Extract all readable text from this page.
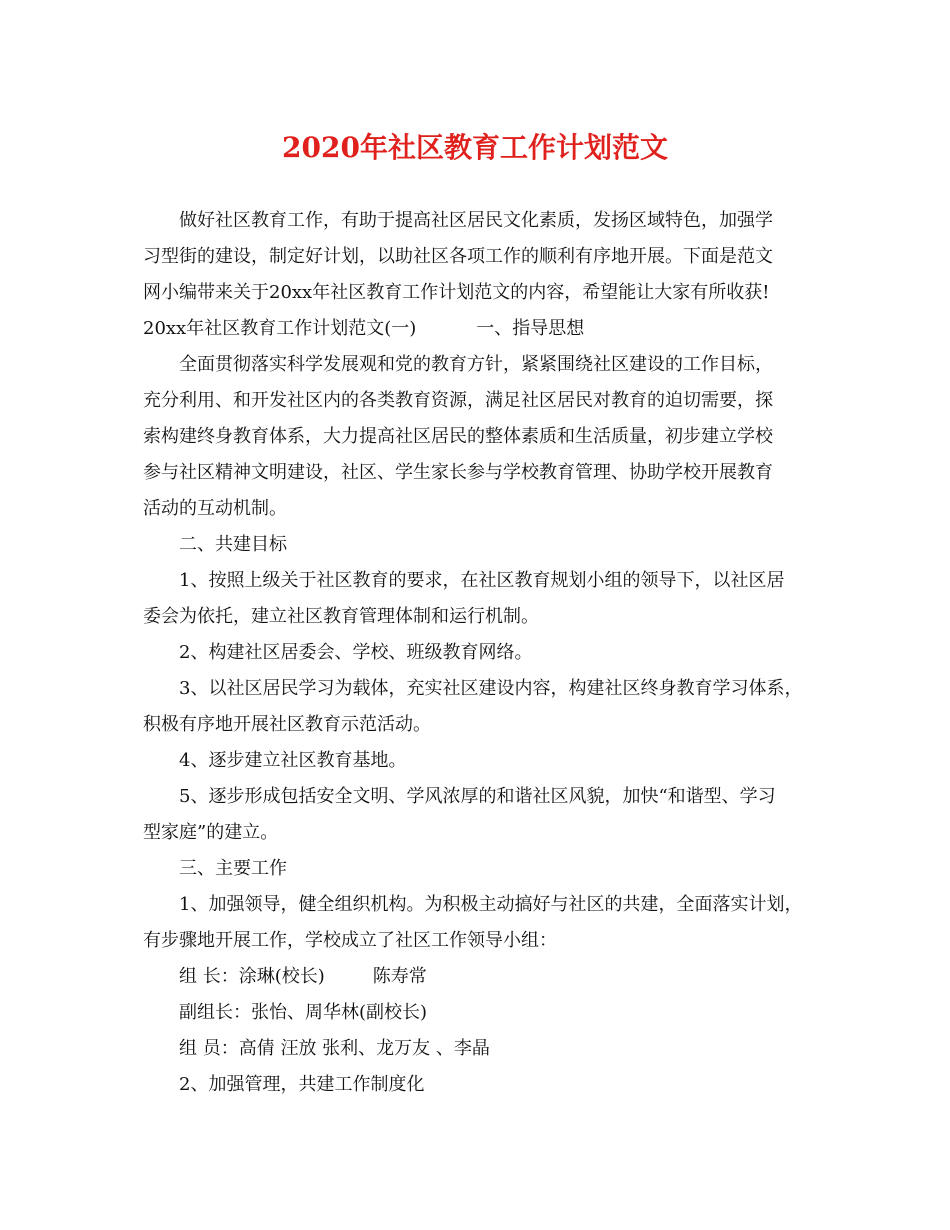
2020年社区教育工作计划范文

做好社区教育工作，有助于提高社区居民文化素质，发扬区域特色，加强学

习型街的建设，制定好计划，以助社区各项工作的顺利有序地开展。下面是范文

网小编带来关于20xx年社区教育工作计划范文的内容，希望能让大家有所收获!

20xx年社区教育工作计划范文(一)	一、指导思想

全面贯彻落实科学发展观和党的教育方针，紧紧围绕社区建设的工作目标，

充分利用、和开发社区内的各类教育资源，满足社区居民对教育的迫切需要，探

索构建终身教育体系，大力提高社区居民的整体素质和生活质量，初步建立学校

参与社区精神文明建设，社区、学生家长参与学校教育管理、协助学校开展教育

活动的互动机制。

二、共建目标

1、按照上级关于社区教育的要求，在社区教育规划小组的领导下，以社区居

委会为依托，建立社区教育管理体制和运行机制。

2、构建社区居委会、学校、班级教育网络。

3、以社区居民学习为载体，充实社区建设内容，构建社区终身教育学习体系，

积极有序地开展社区教育示范活动。

4、逐步建立社区教育基地。

5、逐步形成包括安全文明、学风浓厚的和谐社区风貌，加快“和谐型、学习

型家庭”的建立。

三、主要工作

1、加强领导，健全组织机构。为积极主动搞好与社区的共建，全面落实计划，

有步骤地开展工作，学校成立了社区工作领导小组：

组 长：涂琳(校长)	陈寿常

副组长：张怡、周华林(副校长)

组 员：高倩 汪放 张利、龙万友 、李晶

2、加强管理，共建工作制度化
